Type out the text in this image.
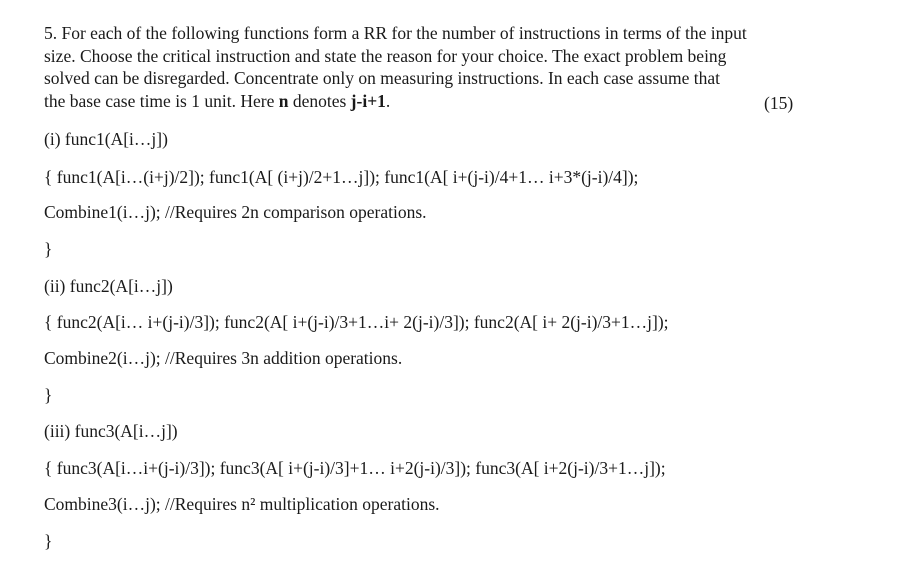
5. For each of the following functions form a RR for the number of instructions in terms of the input
size. Choose the critical instruction and state the reason for your choice. The exact problem being
solved can be disregarded. Concentrate only on measuring instructions. In each case assume that
the base case time is 1 unit. Here n denotes j-i+1.	(15)
(i) func1(A[i…j])
{ func1(A[i…(i+j)/2]); func1(A[ (i+j)/2+1…j]); func1(A[ i+(j-i)/4+1… i+3*(j-i)/4]);
Combine1(i…j); //Requires 2n comparison operations.
}
(ii) func2(A[i…j])
{ func2(A[i… i+(j-i)/3]); func2(A[ i+(j-i)/3+1…i+ 2(j-i)/3]); func2(A[ i+ 2(j-i)/3+1…j]);
Combine2(i…j); //Requires 3n addition operations.
}
(iii) func3(A[i…j])
{ func3(A[i…i+(j-i)/3]); func3(A[ i+(j-i)/3]+1… i+2(j-i)/3]); func3(A[ i+2(j-i)/3+1…j]);
Combine3(i…j); //Requires n² multiplication operations.
}
